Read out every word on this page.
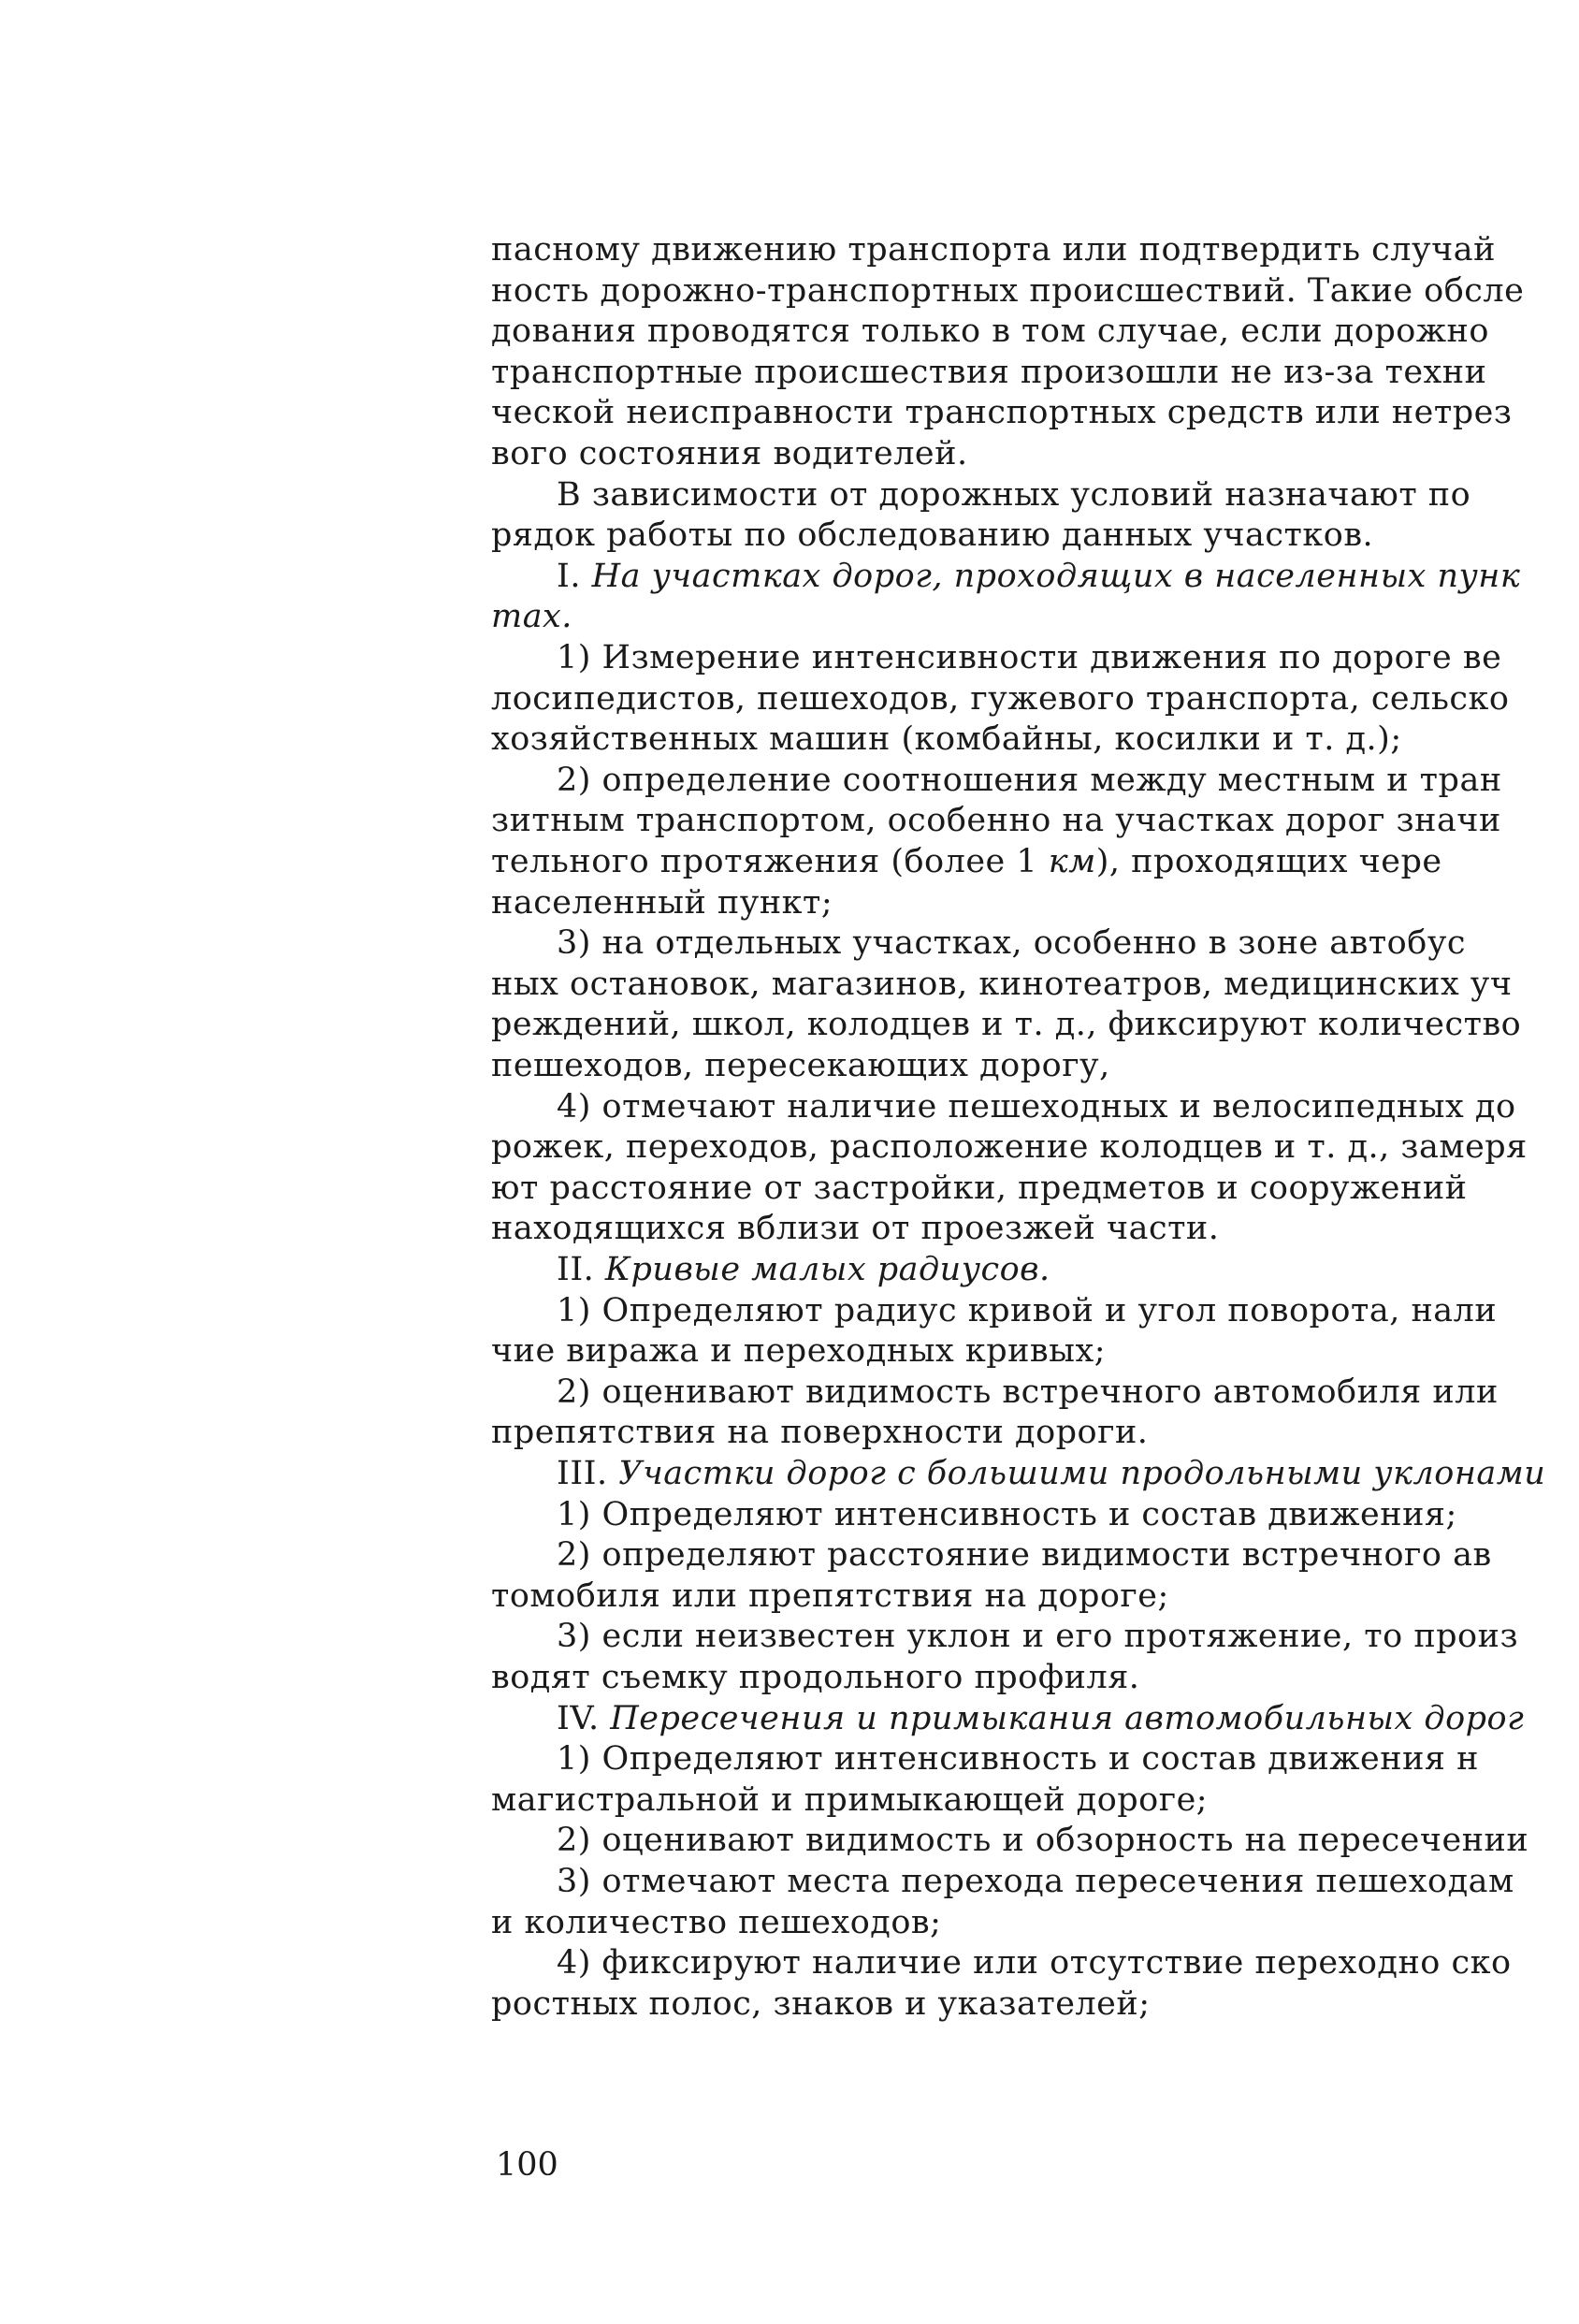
пасному движению транспорта или подтвердить случай
ность дорожно-транспортных происшествий. Такие обсле
дования проводятся только в том случае, если дорожно
транспортные происшествия произошли не из-за техни
ческой неисправности транспортных средств или нетрез
вого состояния водителей.
В зависимости от дорожных условий назначают по
рядок работы по обследованию данных участков.
I. На участках дорог, проходящих в населенных пунк
тах.
1) Измерение интенсивности движения по дороге ве
лосипедистов, пешеходов, гужевого транспорта, сельско
хозяйственных машин (комбайны, косилки и т. д.);
2) определение соотношения между местным и тран
зитным транспортом, особенно на участках дорог значи
тельного протяжения (более 1 км), проходящих чере
населенный пункт;
3) на отдельных участках, особенно в зоне автобус
ных остановок, магазинов, кинотеатров, медицинских уч
реждений, школ, колодцев и т. д., фиксируют количество
пешеходов, пересекающих дорогу,
4) отмечают наличие пешеходных и велосипедных до
рожек, переходов, расположение колодцев и т. д., замеря
ют расстояние от застройки, предметов и сооружений
находящихся вблизи от проезжей части.
II. Кривые малых радиусов.
1) Определяют радиус кривой и угол поворота, нали
чие виража и переходных кривых;
2) оценивают видимость встречного автомобиля или
препятствия на поверхности дороги.
III. Участки дорог с большими продольными уклонами
1) Определяют интенсивность и состав движения;
2) определяют расстояние видимости встречного ав
томобиля или препятствия на дороге;
3) если неизвестен уклон и его протяжение, то произ
водят съемку продольного профиля.
IV. Пересечения и примыкания автомобильных дорог
1) Определяют интенсивность и состав движения н
магистральной и примыкающей дороге;
2) оценивают видимость и обзорность на пересечении
3) отмечают места перехода пересечения пешеходам
и количество пешеходов;
4) фиксируют наличие или отсутствие переходно ско
ростных полос, знаков и указателей;
100
